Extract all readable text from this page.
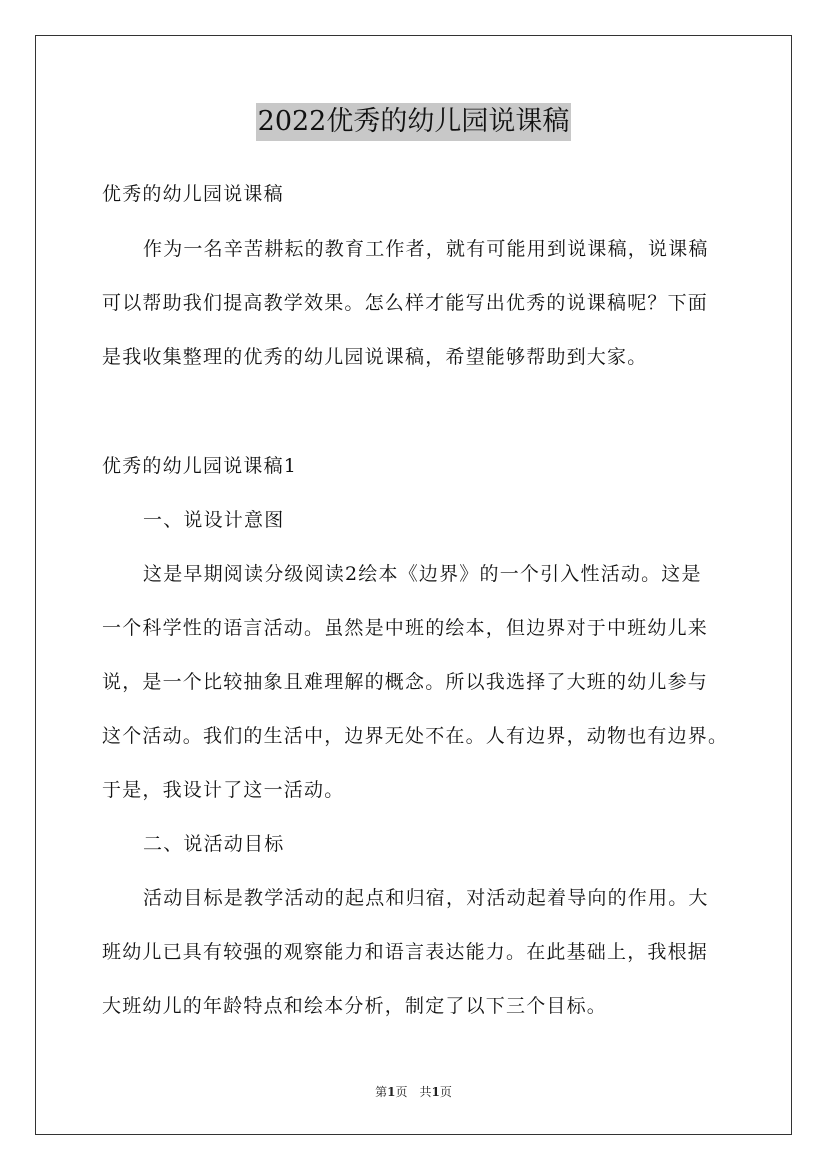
2022优秀的幼儿园说课稿
优秀的幼儿园说课稿
作为一名辛苦耕耘的教育工作者，就有可能用到说课稿，说课稿
可以帮助我们提高教学效果。怎么样才能写出优秀的说课稿呢？下面
是我收集整理的优秀的幼儿园说课稿，希望能够帮助到大家。
优秀的幼儿园说课稿1
一、说设计意图
这是早期阅读分级阅读2绘本《边界》的一个引入性活动。这是
一个科学性的语言活动。虽然是中班的绘本，但边界对于中班幼儿来
说，是一个比较抽象且难理解的概念。所以我选择了大班的幼儿参与
这个活动。我们的生活中，边界无处不在。人有边界，动物也有边界。
于是，我设计了这一活动。
二、说活动目标
活动目标是教学活动的起点和归宿，对活动起着导向的作用。大
班幼儿已具有较强的观察能力和语言表达能力。在此基础上，我根据
大班幼儿的年龄特点和绘本分析，制定了以下三个目标。
第1页　共1页
